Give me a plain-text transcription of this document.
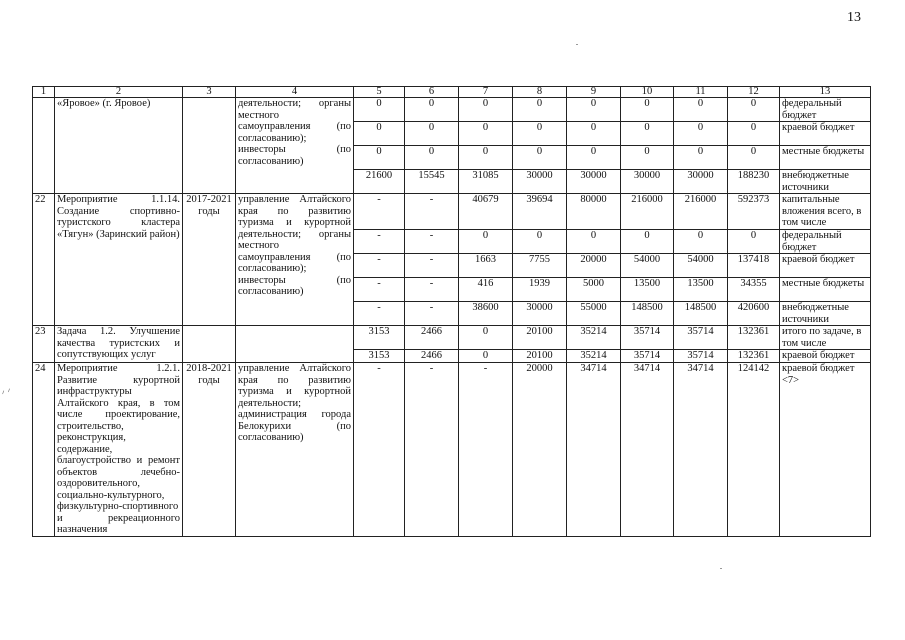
13
1	2	3	4	5	6	7	8	9	10	11	12	13
	«Яровое» (г. Яровое)		деятельности; органы местного самоуправления (по согласованию); инвесторы (по согласованию)	0	0	0	0	0	0	0	0	федеральный бюджет
				0	0	0	0	0	0	0	0	краевой бюджет
				0	0	0	0	0	0	0	0	местные бюджеты
				21600	15545	31085	30000	30000	30000	30000	188230	внебюджетные источники
22	Мероприятие 1.1.14. Создание спортивно-туристского кластера «Тягун» (Заринский район)	2017-2021 годы	управление Алтайского края по развитию туризма и курортной деятельности; органы местного самоуправления (по согласованию); инвесторы (по согласованию)	-	-	40679	39694	80000	216000	216000	592373	капитальные вложения всего, в том числе
				-	-	0	0	0	0	0	0	федеральный бюджет
				-	-	1663	7755	20000	54000	54000	137418	краевой бюджет
				-	-	416	1939	5000	13500	13500	34355	местные бюджеты
				-	-	38600	30000	55000	148500	148500	420600	внебюджетные источники
23	Задача 1.2. Улучшение качества туристских и сопутствующих услуг			3153	2466	0	20100	35214	35714	35714	132361	итого по задаче, в том числе
				3153	2466	0	20100	35214	35714	35714	132361	краевой бюджет
24	Мероприятие 1.2.1. Развитие курортной инфраструктуры Алтайского края, в том числе проектирование, строительство, реконструкция, содержание, благоустройство и ремонт объектов лечебно-оздоровительного, социально-культурного, физкультурно-спортивного и рекреационного назначения	2018-2021 годы	управление Алтайского края по развитию туризма и курортной деятельности; администрация города Белокурихи (по согласованию)	-	-	-	20000	34714	34714	34714	124142	краевой бюджет <7>
ᐟ ᐟ
